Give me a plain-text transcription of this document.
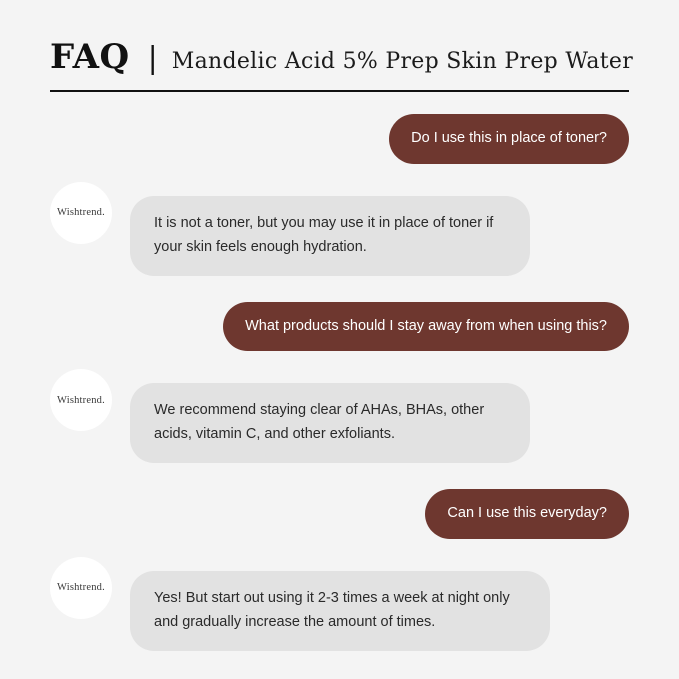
FAQ | Mandelic Acid 5% Prep Skin Prep Water
Do I use this in place of toner?
Wishtrend.
It is not a toner, but you may use it in place of toner if your skin feels enough hydration.
What products should I stay away from when using this?
Wishtrend.
We recommend staying clear of AHAs, BHAs, other acids, vitamin C, and other exfoliants.
Can I use this everyday?
Wishtrend.
Yes! But start out using it 2-3 times a week at night only and gradually increase the amount of times.
